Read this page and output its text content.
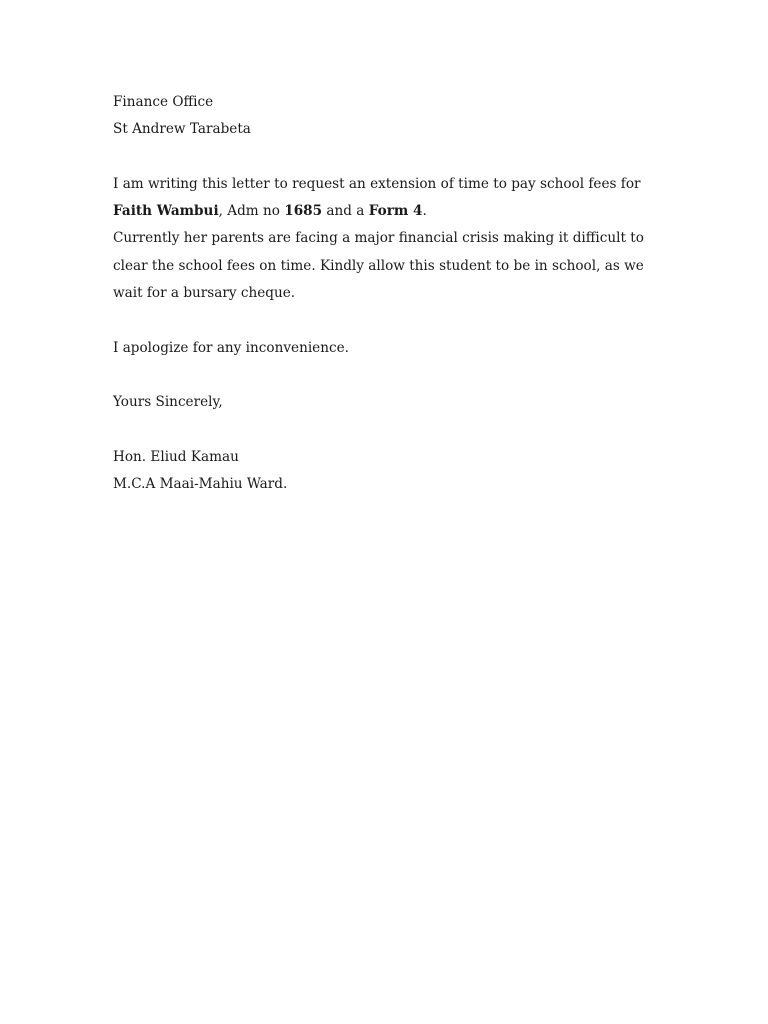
Finance Office
St Andrew Tarabeta

I am writing this letter to request an extension of time to pay school fees for Faith Wambui, Adm no 1685 and a Form 4.

Currently her parents are facing a major financial crisis making it difficult to clear the school fees on time. Kindly allow this student to be in school, as we wait for a bursary cheque.

I apologize for any inconvenience.

Yours Sincerely,

Hon. Eliud Kamau
M.C.A Maai-Mahiu Ward.
